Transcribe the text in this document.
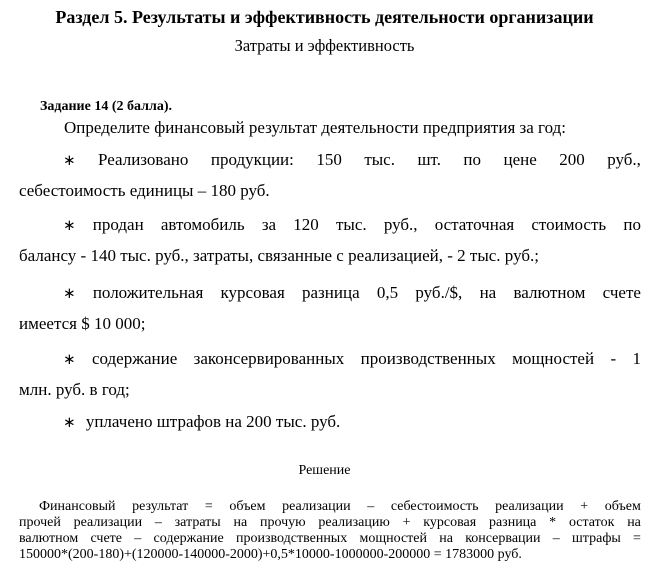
Раздел 5. Результаты и эффективность деятельности организации
Затраты и эффективность
Задание 14 (2 балла).
Определите финансовый результат деятельности предприятия за год:
∗ Реализовано продукции: 150 тыс. шт. по цене 200 руб.,
себестоимость единицы – 180 руб.
∗ продан автомобиль за 120 тыс. руб., остаточная стоимость по
балансу - 140 тыс. руб., затраты, связанные с реализацией, - 2 тыс. руб.;
∗ положительная курсовая разница 0,5 руб./$, на валютном счете
имеется $ 10 000;
∗ содержание законсервированных производственных мощностей - 1
млн. руб. в год;
∗ уплачено штрафов на 200 тыс. руб.
Решение
Финансовый результат = объем реализации – себестоимость реализации + объем
прочей реализации – затраты на прочую реализацию + курсовая разница * остаток на
валютном счете – содержание производственных мощностей на консервации – штрафы =
150000*(200-180)+(120000-140000-2000)+0,5*10000-1000000-200000 = 1783000 руб.
